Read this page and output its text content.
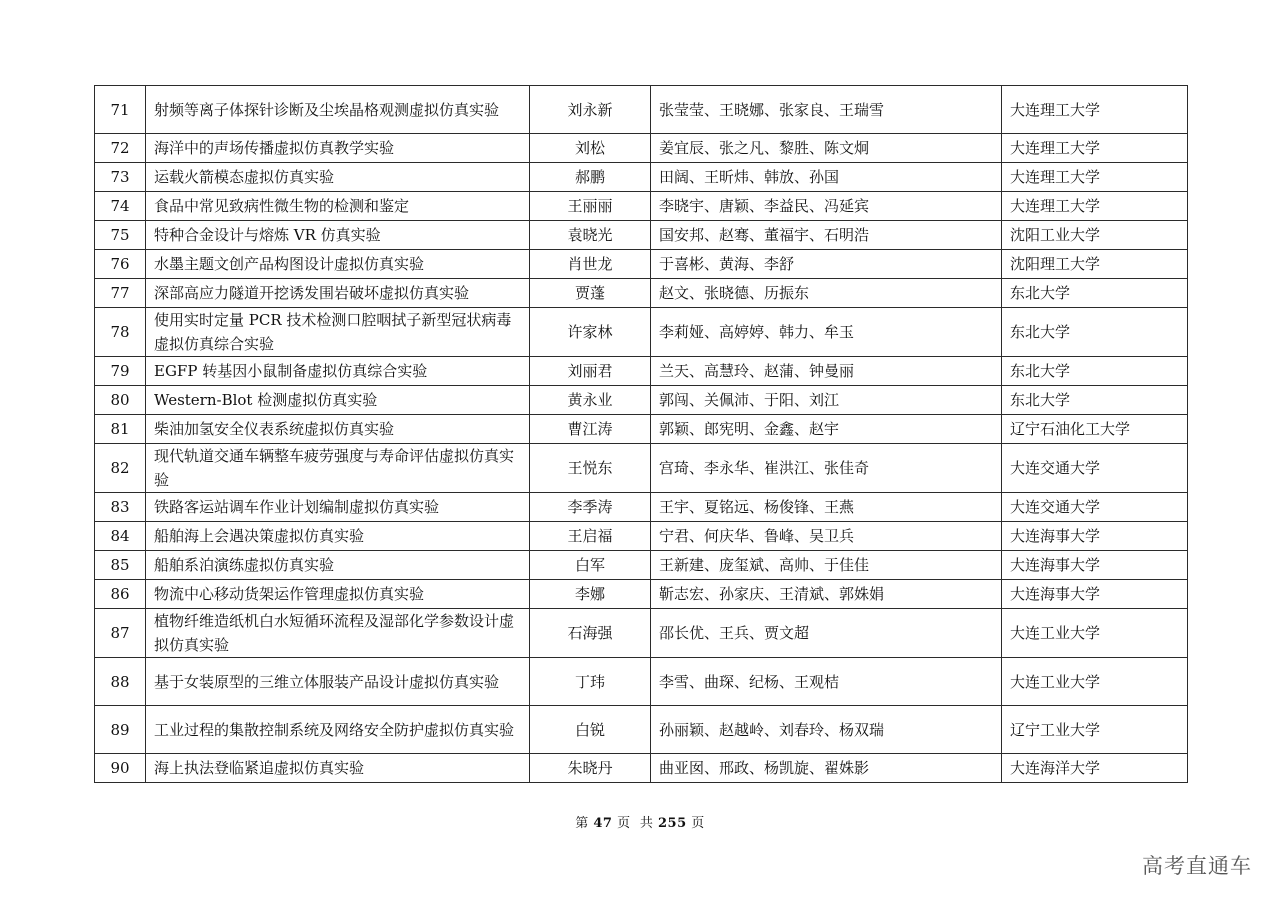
71	射频等离子体探针诊断及尘埃晶格观测虚拟仿真实验	刘永新	张莹莹、王晓娜、张家良、王瑞雪	大连理工大学
72	海洋中的声场传播虚拟仿真教学实验	刘松	姜宜辰、张之凡、黎胜、陈文炯	大连理工大学
73	运载火箭模态虚拟仿真实验	郝鹏	田阔、王昕炜、韩放、孙国	大连理工大学
74	食品中常见致病性微生物的检测和鉴定	王丽丽	李晓宇、唐颖、李益民、冯延宾	大连理工大学
75	特种合金设计与熔炼 VR 仿真实验	袁晓光	国安邦、赵骞、董福宇、石明浩	沈阳工业大学
76	水墨主题文创产品构图设计虚拟仿真实验	肖世龙	于喜彬、黄海、李舒	沈阳理工大学
77	深部高应力隧道开挖诱发围岩破坏虚拟仿真实验	贾蓬	赵文、张晓德、历振东	东北大学
78	使用实时定量 PCR 技术检测口腔咽拭子新型冠状病毒虚拟仿真综合实验	许家林	李莉娅、高婷婷、韩力、牟玉	东北大学
79	EGFP 转基因小鼠制备虚拟仿真综合实验	刘丽君	兰天、高慧玲、赵蒲、钟曼丽	东北大学
80	Western-Blot 检测虚拟仿真实验	黄永业	郭闯、关佩沛、于阳、刘江	东北大学
81	柴油加氢安全仪表系统虚拟仿真实验	曹江涛	郭颖、郎宪明、金鑫、赵宇	辽宁石油化工大学
82	现代轨道交通车辆整车疲劳强度与寿命评估虚拟仿真实验	王悦东	宫琦、李永华、崔洪江、张佳奇	大连交通大学
83	铁路客运站调车作业计划编制虚拟仿真实验	李季涛	王宇、夏铭远、杨俊锋、王燕	大连交通大学
84	船舶海上会遇决策虚拟仿真实验	王启福	宁君、何庆华、鲁峰、吴卫兵	大连海事大学
85	船舶系泊演练虚拟仿真实验	白军	王新建、庞玺斌、高帅、于佳佳	大连海事大学
86	物流中心移动货架运作管理虚拟仿真实验	李娜	靳志宏、孙家庆、王清斌、郭姝娟	大连海事大学
87	植物纤维造纸机白水短循环流程及湿部化学参数设计虚拟仿真实验	石海强	邵长优、王兵、贾文超	大连工业大学
88	基于女装原型的三维立体服装产品设计虚拟仿真实验	丁玮	李雪、曲琛、纪杨、王观桔	大连工业大学
89	工业过程的集散控制系统及网络安全防护虚拟仿真实验	白锐	孙丽颖、赵越岭、刘春玲、杨双瑞	辽宁工业大学
90	海上执法登临紧追虚拟仿真实验	朱晓丹	曲亚囡、邢政、杨凯旋、翟姝影	大连海洋大学
第 47 页  共 255 页
高考直通车
